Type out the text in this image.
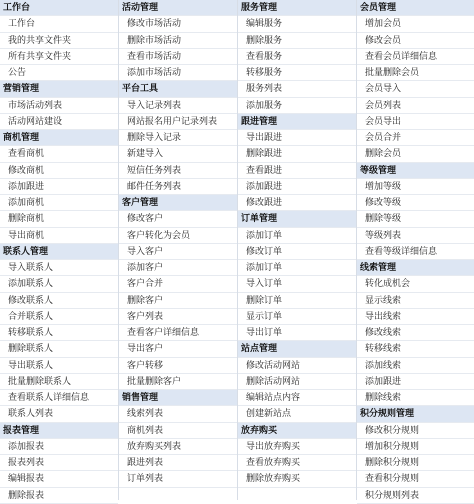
工作台
工作台
我的共享文件夹
所有共享文件夹
公告
营销管理
市场活动列表
活动网站建设
商机管理
查看商机
修改商机
添加跟进
添加商机
删除商机
导出商机
联系人管理
导入联系人
添加联系人
修改联系人
合并联系人
转移联系人
删除联系人
导出联系人
批量删除联系人
查看联系人详细信息
联系人列表
报表管理
添加报表
报表列表
编辑报表
删除报表
活动管理
修改市场活动
删除市场活动
查看市场活动
添加市场活动
平台工具
导入记录列表
网站报名用户记录列表
删除导入记录
新建导入
短信任务列表
邮件任务列表
客户管理
修改客户
客户转化为会员
导入客户
添加客户
客户合并
删除客户
客户列表
查看客户详细信息
导出客户
客户转移
批量删除客户
销售管理
线索列表
商机列表
放弃购买列表
跟进列表
订单列表
服务管理
编辑服务
删除服务
查看服务
转移服务
服务列表
添加服务
跟进管理
导出跟进
删除跟进
查看跟进
添加跟进
修改跟进
订单管理
添加订单
修改订单
添加订单
导入订单
删除订单
显示订单
导出订单
站点管理
修改活动网站
删除活动网站
编辑站点内容
创建新站点
放弃购买
导出放弃购买
查看放弃购买
删除放弃购买
会员管理
增加会员
修改会员
查看会员详细信息
批量删除会员
会员导入
会员列表
会员导出
会员合并
删除会员
等级管理
增加等级
修改等级
删除等级
等级列表
查看等级详细信息
线索管理
转化成机会
显示线索
导出线索
修改线索
转移线索
添加线索
添加跟进
删除线索
积分规则管理
修改积分规则
增加积分规则
删除积分规则
查看积分规则
积分规则列表
